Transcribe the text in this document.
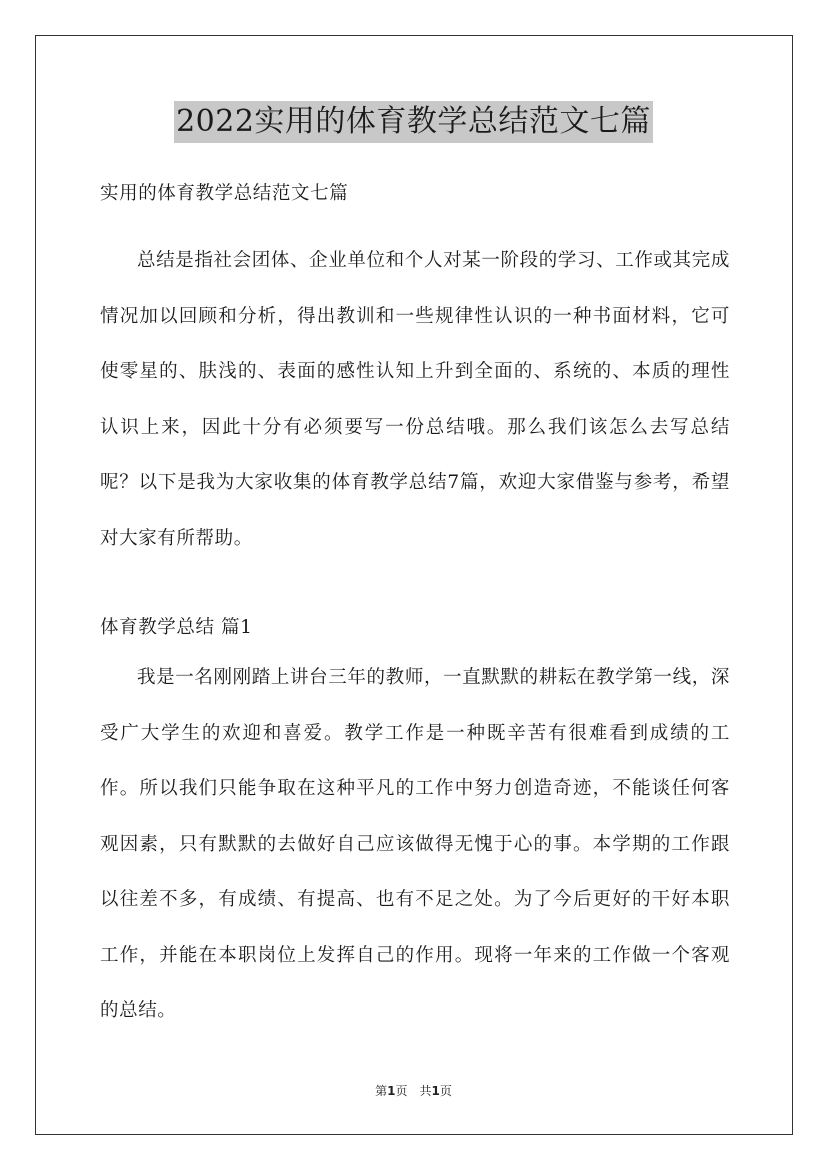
2022实用的体育教学总结范文七篇

实用的体育教学总结范文七篇

总结是指社会团体、企业单位和个人对某一阶段的学习、工作或其完成情况加以回顾和分析，得出教训和一些规律性认识的一种书面材料，它可使零星的、肤浅的、表面的感性认知上升到全面的、系统的、本质的理性认识上来，因此十分有必须要写一份总结哦。那么我们该怎么去写总结呢？以下是我为大家收集的体育教学总结7篇，欢迎大家借鉴与参考，希望对大家有所帮助。

体育教学总结 篇1

我是一名刚刚踏上讲台三年的教师，一直默默的耕耘在教学第一线，深受广大学生的欢迎和喜爱。教学工作是一种既辛苦有很难看到成绩的工作。所以我们只能争取在这种平凡的工作中努力创造奇迹，不能谈任何客观因素，只有默默的去做好自己应该做得无愧于心的事。本学期的工作跟以往差不多，有成绩、有提高、也有不足之处。为了今后更好的干好本职工作，并能在本职岗位上发挥自己的作用。现将一年来的工作做一个客观的总结。

第1页 共1页
